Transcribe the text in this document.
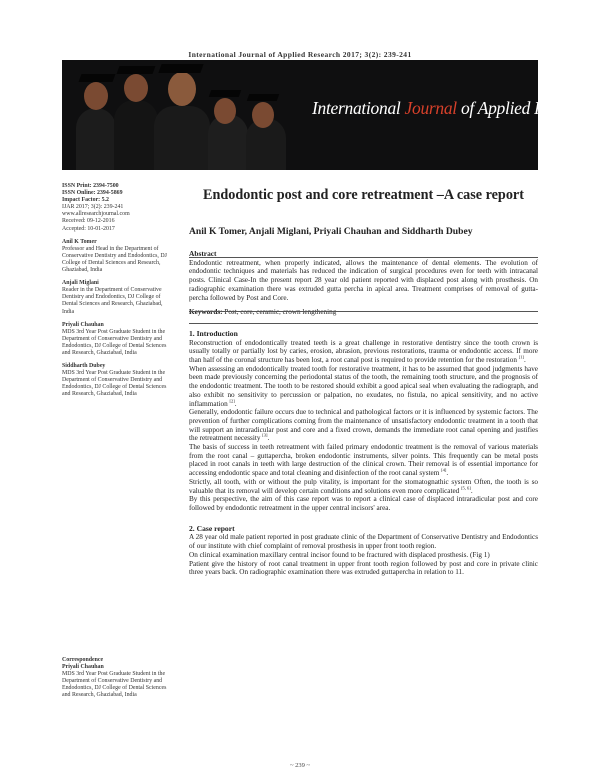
International Journal of Applied Research 2017; 3(2): 239-241
International Journal of Applied Research
ISSN Print: 2394-7500
ISSN Online: 2394-5869
Impact Factor: 5.2
IJAR 2017; 3(2): 239-241
www.allresearchjournal.com
Received: 09-12-2016
Accepted: 10-01-2017
Anil K Tomer
Professor and Head in the Department of Conservative Dentistry and Endodontics, DJ College of Dental Sciences and Research, Ghaziabad, India
Anjali Miglani
Reader in the Department of Conservative Dentistry and Endodontics, DJ College of Dental Sciences and Research, Ghaziabad, India
Priyali Chauhan
MDS 3rd Year Post Graduate Student in the Department of Conservative Dentistry and Endodontics, DJ College of Dental Sciences and Research, Ghaziabad, India
Siddharth Dubey
MDS 3rd Year Post Graduate Student in the Department of Conservative Dentistry and Endodontics, DJ College of Dental Sciences and Research, Ghaziabad, India
Correspondence
Priyali Chauhan
MDS 3rd Year Post Graduate Student in the Department of Conservative Dentistry and Endodontics, DJ College of Dental Sciences and Research, Ghaziabad, India
Endodontic post and core retreatment –A case report
Anil K Tomer, Anjali Miglani, Priyali Chauhan and Siddharth Dubey
Abstract

Endodontic retreatment, when properly indicated, allows the maintenance of dental elements. The evolution of endodontic techniques and materials has reduced the indication of surgical procedures even for teeth with intracanal posts. Clinical Case-In the present report 28 year old patient reported with displaced post along with prosthesis. On radiographic examination there was extruded gutta percha in apical area. Treatment comprises of removal of gutta-percha followed by Post and Core.

Keywords: Post, core, ceramic, crown lengthening
1. Introduction

Reconstruction of endodontically treated teeth is a great challenge in restorative dentistry since the tooth crown is usually totally or partially lost by caries, erosion, abrasion, previous restorations, trauma or endodontic access. If more than half of the coronal structure has been lost, a root canal post is required to provide retention for the restoration [1].

When assessing an endodontically treated tooth for restorative treatment, it has to be assumed that good judgments have been made previously concerning the periodontal status of the tooth, the remaining tooth structure, and the prognosis of the endodontic treatment. The tooth to be restored should exhibit a good apical seal when evaluating the radiograph, and also exhibit no sensitivity to percussion or palpation, no exudates, no fistula, no apical sensitivity, and no active inflammation [2].

Generally, endodontic failure occurs due to technical and pathological factors or it is influenced by systemic factors. The prevention of further complications coming from the maintenance of unsatisfactory endodontic treatment in a tooth that will support an intraradicular post and core and a fixed crown, demands the immediate root canal opening and justifies the retreatment necessity [3].

The basis of success in teeth retreatment with failed primary endodontic treatment is the removal of various materials from the root canal – guttapercha, broken endodontic instruments, silver points. This frequently can be metal posts placed in root canals in teeth with large destruction of the clinical crown. Their removal is of essential importance for accessing endodontic space and total cleaning and disinfection of the root canal system [4].

Strictly, all tooth, with or without the pulp vitality, is important for the stomatognathic system Often, the tooth is so valuable that its removal will develop certain conditions and solutions even more complicated [5, 6].

By this perspective, the aim of this case report was to report a clinical case of displaced intraradicular post and core followed by endodontic retreatment in the upper central incisors' area.

2. Case report

A 28 year old male patient reported in post graduate clinic of the Department of Conservative Dentistry and Endodontics of our institute with chief complaint of removal prosthesis in upper front tooth region.

On clinical examination maxillary central incisor found to be fractured with displaced prosthesis. (Fig 1)

Patient give the history of root canal treatment in upper front tooth region followed by post and core in private clinic three years back. On radiographic examination there was extruded guttapercha in relation to 11.

~ 239 ~
